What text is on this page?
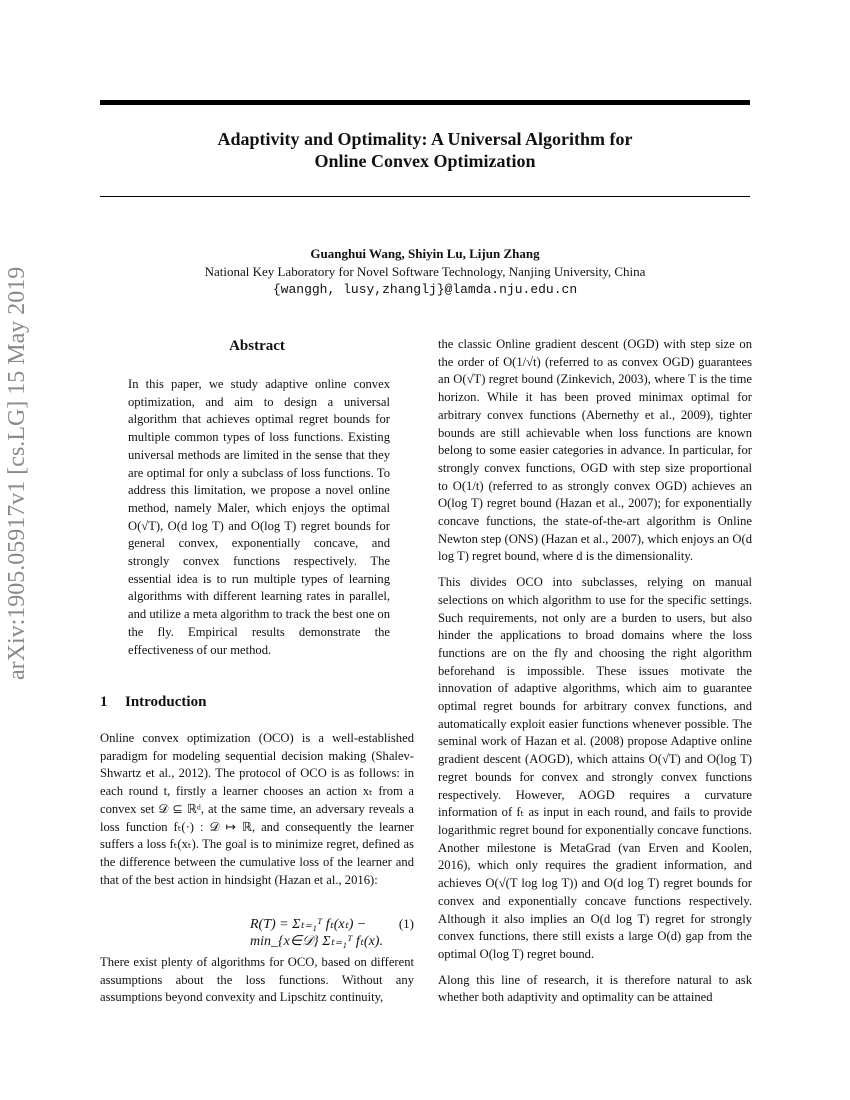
Adaptivity and Optimality: A Universal Algorithm for
Online Convex Optimization
Guanghui Wang, Shiyin Lu, Lijun Zhang
National Key Laboratory for Novel Software Technology, Nanjing University, China
{wanggh, lusy,zhanglj}@lamda.nju.edu.cn
arXiv:1905.05917v1 [cs.LG] 15 May 2019	Abstract
In this paper, we study adaptive online convex optimization, and aim to design a universal algorithm that achieves optimal regret bounds for multiple common types of loss functions. Existing universal methods are limited in the sense that they are optimal for only a subclass of loss functions. To address this limitation, we propose a novel online method, namely Maler, which enjoys the optimal O(√T), O(d log T) and O(log T) regret bounds for general convex, exponentially concave, and strongly convex functions respectively. The essential idea is to run multiple types of learning algorithms with different learning rates in parallel, and utilize a meta algorithm to track the best one on the fly. Empirical results demonstrate the effectiveness of our method.
1 Introduction

Online convex optimization (OCO) is a well-established paradigm for modeling sequential decision making (Shalev-Shwartz et al., 2012). The protocol of OCO is as follows: in each round t, firstly a learner chooses an action xₜ from a convex set 𝒟 ⊆ ℝᵈ, at the same time, an adversary reveals a loss function fₜ(·) : 𝒟 ↦ ℝ, and consequently the learner suffers a loss fₜ(xₜ). The goal is to minimize regret, defined as the difference between the cumulative loss of the learner and that of the best action in hindsight (Hazan et al., 2016):

R(T) = Σₜ₌₁ᵀ fₜ(xₜ) − min_{x∈𝒟} Σₜ₌₁ᵀ fₜ(x).
(1)

There exist plenty of algorithms for OCO, based on different assumptions about the loss functions. Without any assumptions beyond convexity and Lipschitz continuity,

the classic Online gradient descent (OGD) with step size on the order of O(1/√t) (referred to as convex OGD) guarantees an O(√T) regret bound (Zinkevich, 2003), where T is the time horizon. While it has been proved minimax optimal for arbitrary convex functions (Abernethy et al., 2009), tighter bounds are still achievable when loss functions are known belong to some easier categories in advance. In particular, for strongly convex functions, OGD with step size proportional to O(1/t) (referred to as strongly convex OGD) achieves an O(log T) regret bound (Hazan et al., 2007); for exponentially concave functions, the state-of-the-art algorithm is Online Newton step (ONS) (Hazan et al., 2007), which enjoys an O(d log T) regret bound, where d is the dimensionality.

This divides OCO into subclasses, relying on manual selections on which algorithm to use for the specific settings. Such requirements, not only are a burden to users, but also hinder the applications to broad domains where the loss functions are on the fly and choosing the right algorithm beforehand is impossible. These issues motivate the innovation of adaptive algorithms, which aim to guarantee optimal regret bounds for arbitrary convex functions, and automatically exploit easier functions whenever possible. The seminal work of Hazan et al. (2008) propose Adaptive online gradient descent (AOGD), which attains O(√T) and O(log T) regret bounds for convex and strongly convex functions respectively. However, AOGD requires a curvature information of fₜ as input in each round, and fails to provide logarithmic regret bound for exponentially concave functions. Another milestone is MetaGrad (van Erven and Koolen, 2016), which only requires the gradient information, and achieves O(√(T log log T)) and O(d log T) regret bounds for convex and exponentially concave functions respectively. Although it also implies an O(d log T) regret for strongly convex functions, there still exists a large O(d) gap from the optimal O(log T) regret bound.

Along this line of research, it is therefore natural to ask whether both adaptivity and optimality can be attained
